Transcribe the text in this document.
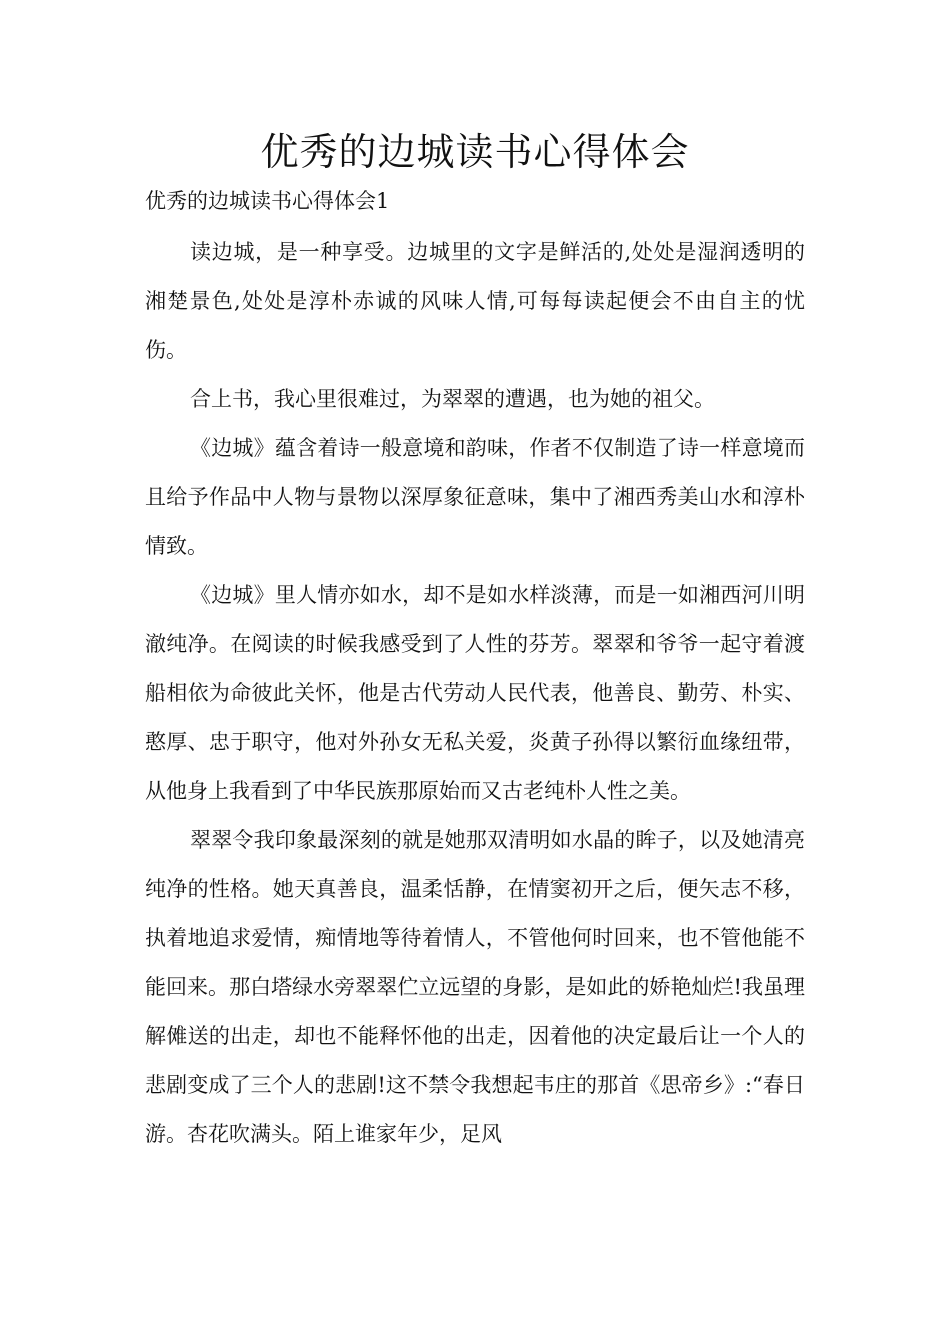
优秀的边城读书心得体会

优秀的边城读书心得体会1

读边城，是一种享受。边城里的文字是鲜活的,处处是湿润透明的湘楚景色,处处是淳朴赤诚的风味人情,可每每读起便会不由自主的忧伤。

合上书，我心里很难过，为翠翠的遭遇，也为她的祖父。

《边城》蕴含着诗一般意境和韵味，作者不仅制造了诗一样意境而且给予作品中人物与景物以深厚象征意味，集中了湘西秀美山水和淳朴情致。

《边城》里人情亦如水，却不是如水样淡薄，而是一如湘西河川明澈纯净。在阅读的时候我感受到了人性的芬芳。翠翠和爷爷一起守着渡船相依为命彼此关怀，他是古代劳动人民代表，他善良、勤劳、朴实、憨厚、忠于职守，他对外孙女无私关爱，炎黄子孙得以繁衍血缘纽带，从他身上我看到了中华民族那原始而又古老纯朴人性之美。

翠翠令我印象最深刻的就是她那双清明如水晶的眸子，以及她清亮纯净的性格。她天真善良，温柔恬静，在情窦初开之后，便矢志不移，执着地追求爱情，痴情地等待着情人，不管他何时回来，也不管他能不能回来。那白塔绿水旁翠翠伫立远望的身影，是如此的娇艳灿烂!我虽理解傩送的出走，却也不能释怀他的出走，因着他的决定最后让一个人的悲剧变成了三个人的悲剧!这不禁令我想起韦庄的那首《思帝乡》:“春日游。杏花吹满头。陌上谁家年少，足风
